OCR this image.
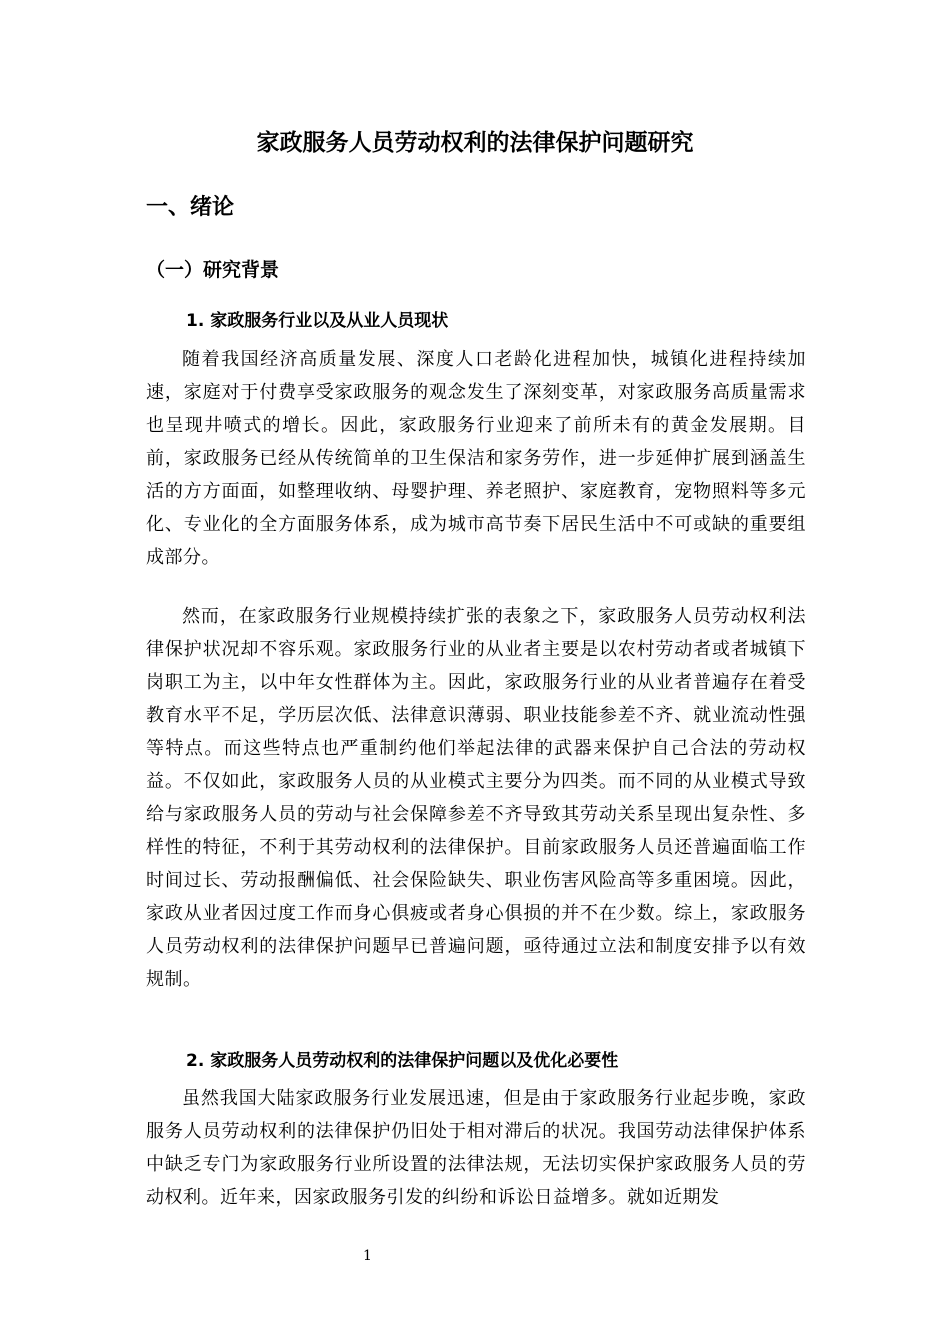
家政服务人员劳动权利的法律保护问题研究
一、绪论
（一）研究背景
1. 家政服务行业以及从业人员现状

随着我国经济高质量发展、深度人口老龄化进程加快，城镇化进程持续加速，家庭对于付费享受家政服务的观念发生了深刻变革，对家政服务高质量需求也呈现井喷式的增长。因此，家政服务行业迎来了前所未有的黄金发展期。目前，家政服务已经从传统简单的卫生保洁和家务劳作，进一步延伸扩展到涵盖生活的方方面面，如整理收纳、母婴护理、养老照护、家庭教育，宠物照料等多元化、专业化的全方面服务体系，成为城市高节奏下居民生活中不可或缺的重要组成部分。

然而，在家政服务行业规模持续扩张的表象之下，家政服务人员劳动权利法律保护状况却不容乐观。家政服务行业的从业者主要是以农村劳动者或者城镇下岗职工为主，以中年女性群体为主。因此，家政服务行业的从业者普遍存在着受教育水平不足，学历层次低、法律意识薄弱、职业技能参差不齐、就业流动性强等特点。而这些特点也严重制约他们举起法律的武器来保护自己合法的劳动权益。不仅如此，家政服务人员的从业模式主要分为四类。而不同的从业模式导致给与家政服务人员的劳动与社会保障参差不齐导致其劳动关系呈现出复杂性、多样性的特征，不利于其劳动权利的法律保护。目前家政服务人员还普遍面临工作时间过长、劳动报酬偏低、社会保险缺失、职业伤害风险高等多重困境。因此，家政从业者因过度工作而身心俱疲或者身心俱损的并不在少数。综上，家政服务人员劳动权利的法律保护问题早已普遍问题，亟待通过立法和制度安排予以有效规制。

2. 家政服务人员劳动权利的法律保护问题以及优化必要性

虽然我国大陆家政服务行业发展迅速，但是由于家政服务行业起步晚，家政服务人员劳动权利的法律保护仍旧处于相对滞后的状况。我国劳动法律保护体系中缺乏专门为家政服务行业所设置的法律法规，无法切实保护家政服务人员的劳动权利。近年来，因家政服务引发的纠纷和诉讼日益增多。就如近期发

1
